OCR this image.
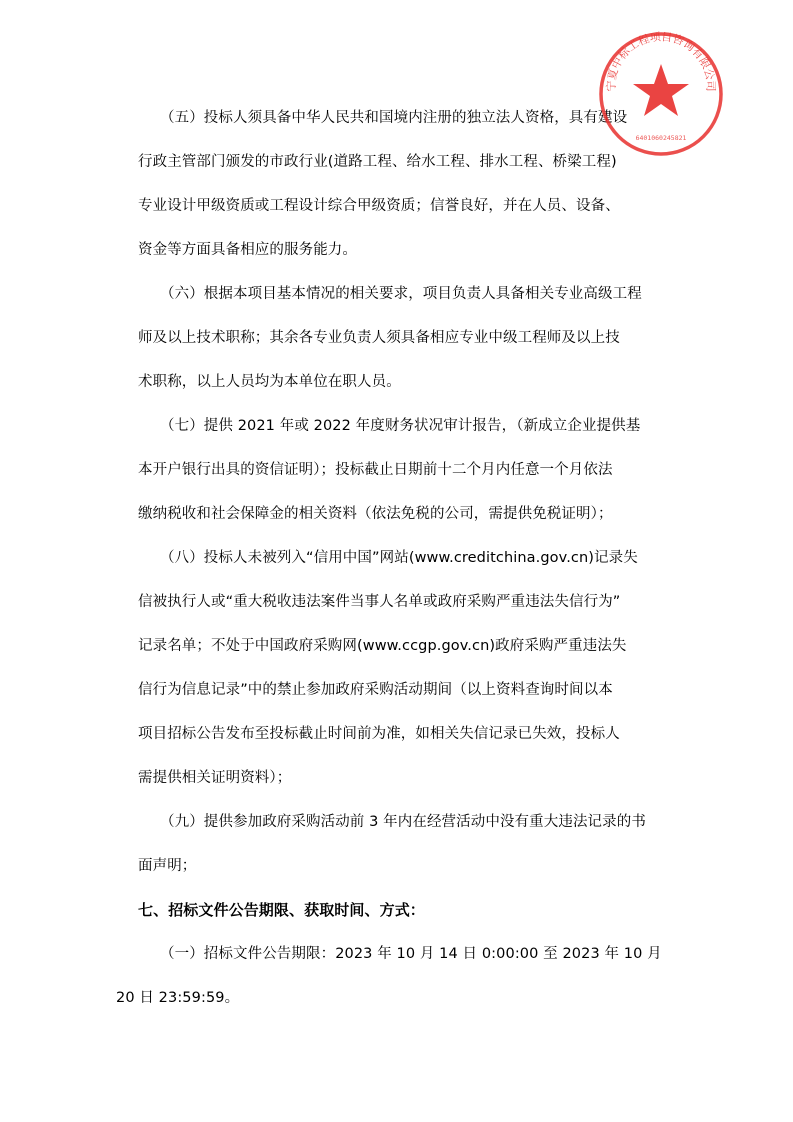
（五）投标人须具备中华人民共和国境内注册的独立法人资格，具有建设
行政主管部门颁发的市政行业(道路工程、给水工程、排水工程、桥梁工程)
专业设计甲级资质或工程设计综合甲级资质；信誉良好，并在人员、设备、
资金等方面具备相应的服务能力。
（六）根据本项目基本情况的相关要求，项目负责人具备相关专业高级工程
师及以上技术职称；其余各专业负责人须具备相应专业中级工程师及以上技
术职称，以上人员均为本单位在职人员。
（七）提供 2021 年或 2022 年度财务状况审计报告，（新成立企业提供基
本开户银行出具的资信证明）；投标截止日期前十二个月内任意一个月依法
缴纳税收和社会保障金的相关资料（依法免税的公司，需提供免税证明）；
（八）投标人未被列入“信用中国”网站(www.creditchina.gov.cn)记录失
信被执行人或“重大税收违法案件当事人名单或政府采购严重违法失信行为”
记录名单；不处于中国政府采购网(www.ccgp.gov.cn)政府采购严重违法失
信行为信息记录”中的禁止参加政府采购活动期间（以上资料查询时间以本
项目招标公告发布至投标截止时间前为准，如相关失信记录已失效，投标人
需提供相关证明资料）；
（九）提供参加政府采购活动前 3 年内在经营活动中没有重大违法记录的书
面声明；
七、招标文件公告期限、获取时间、方式：
（一）招标文件公告期限：2023 年 10 月 14 日 0:00:00 至 2023 年 10 月
20 日 23:59:59。
宁夏中标工程项目咨询有限公司
6401060245821
